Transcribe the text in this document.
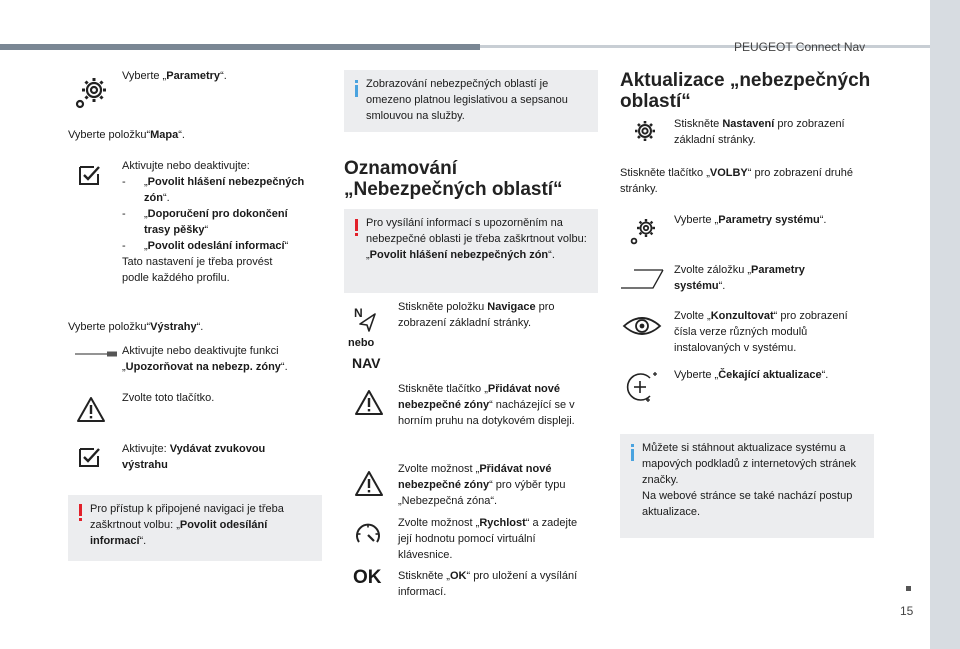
PEUGEOT Connect Nav
15
Vyberte „Parametry“.
Vyberte položku“Mapa“.
Aktivujte nebo deaktivujte:
-	„Povolit hlášení nebezpečných zón“.
-	„Doporučení pro dokončení trasy pěšky“
-	„Povolit odeslání informací“
Tato nastavení je třeba provést podle každého profilu.
Vyberte položku“Výstrahy“.
Aktivujte nebo deaktivujte funkci „Upozorňovat na nebezp. zóny“.
Zvolte toto tlačítko.
Aktivujte: Vydávat zvukovou výstrahu
Pro přístup k připojené navigaci je třeba zaškrtnout volbu: „Povolit odesílání informací“.
Zobrazování nebezpečných oblastí je omezeno platnou legislativou a sepsanou smlouvou na služby.
Oznamování
„Nebezpečných oblastí“
Pro vysílání informací s upozorněním na nebezpečné oblasti je třeba zaškrtnout volbu: „Povolit hlášení nebezpečných zón“.
N
nebo
NAV
Stiskněte položku Navigace pro zobrazení základní stránky.
Stiskněte tlačítko „Přidávat nové nebezpečné zóny“ nacházející se v horním pruhu na dotykovém displeji.
Zvolte možnost „Přidávat nové nebezpečné zóny“ pro výběr typu „Nebezpečná zóna“.
Zvolte možnost „Rychlost“ a zadejte její hodnotu pomocí virtuální klávesnice.
OK Stiskněte „OK“ pro uložení a vysílání informací.
Aktualizace „nebezpečných
oblastí“
Stiskněte Nastavení pro zobrazení základní stránky.
Stiskněte tlačítko „VOLBY“ pro zobrazení druhé stránky.
Vyberte „Parametry systému“.
Zvolte záložku „Parametry systému“.
Zvolte „Konzultovat“ pro zobrazení čísla verze různých modulů instalovaných v systému.
Vyberte „Čekající aktualizace“.
Můžete si stáhnout aktualizace systému a mapových podkladů z internetových stránek značky.
Na webové stránce se také nachází postup aktualizace.
